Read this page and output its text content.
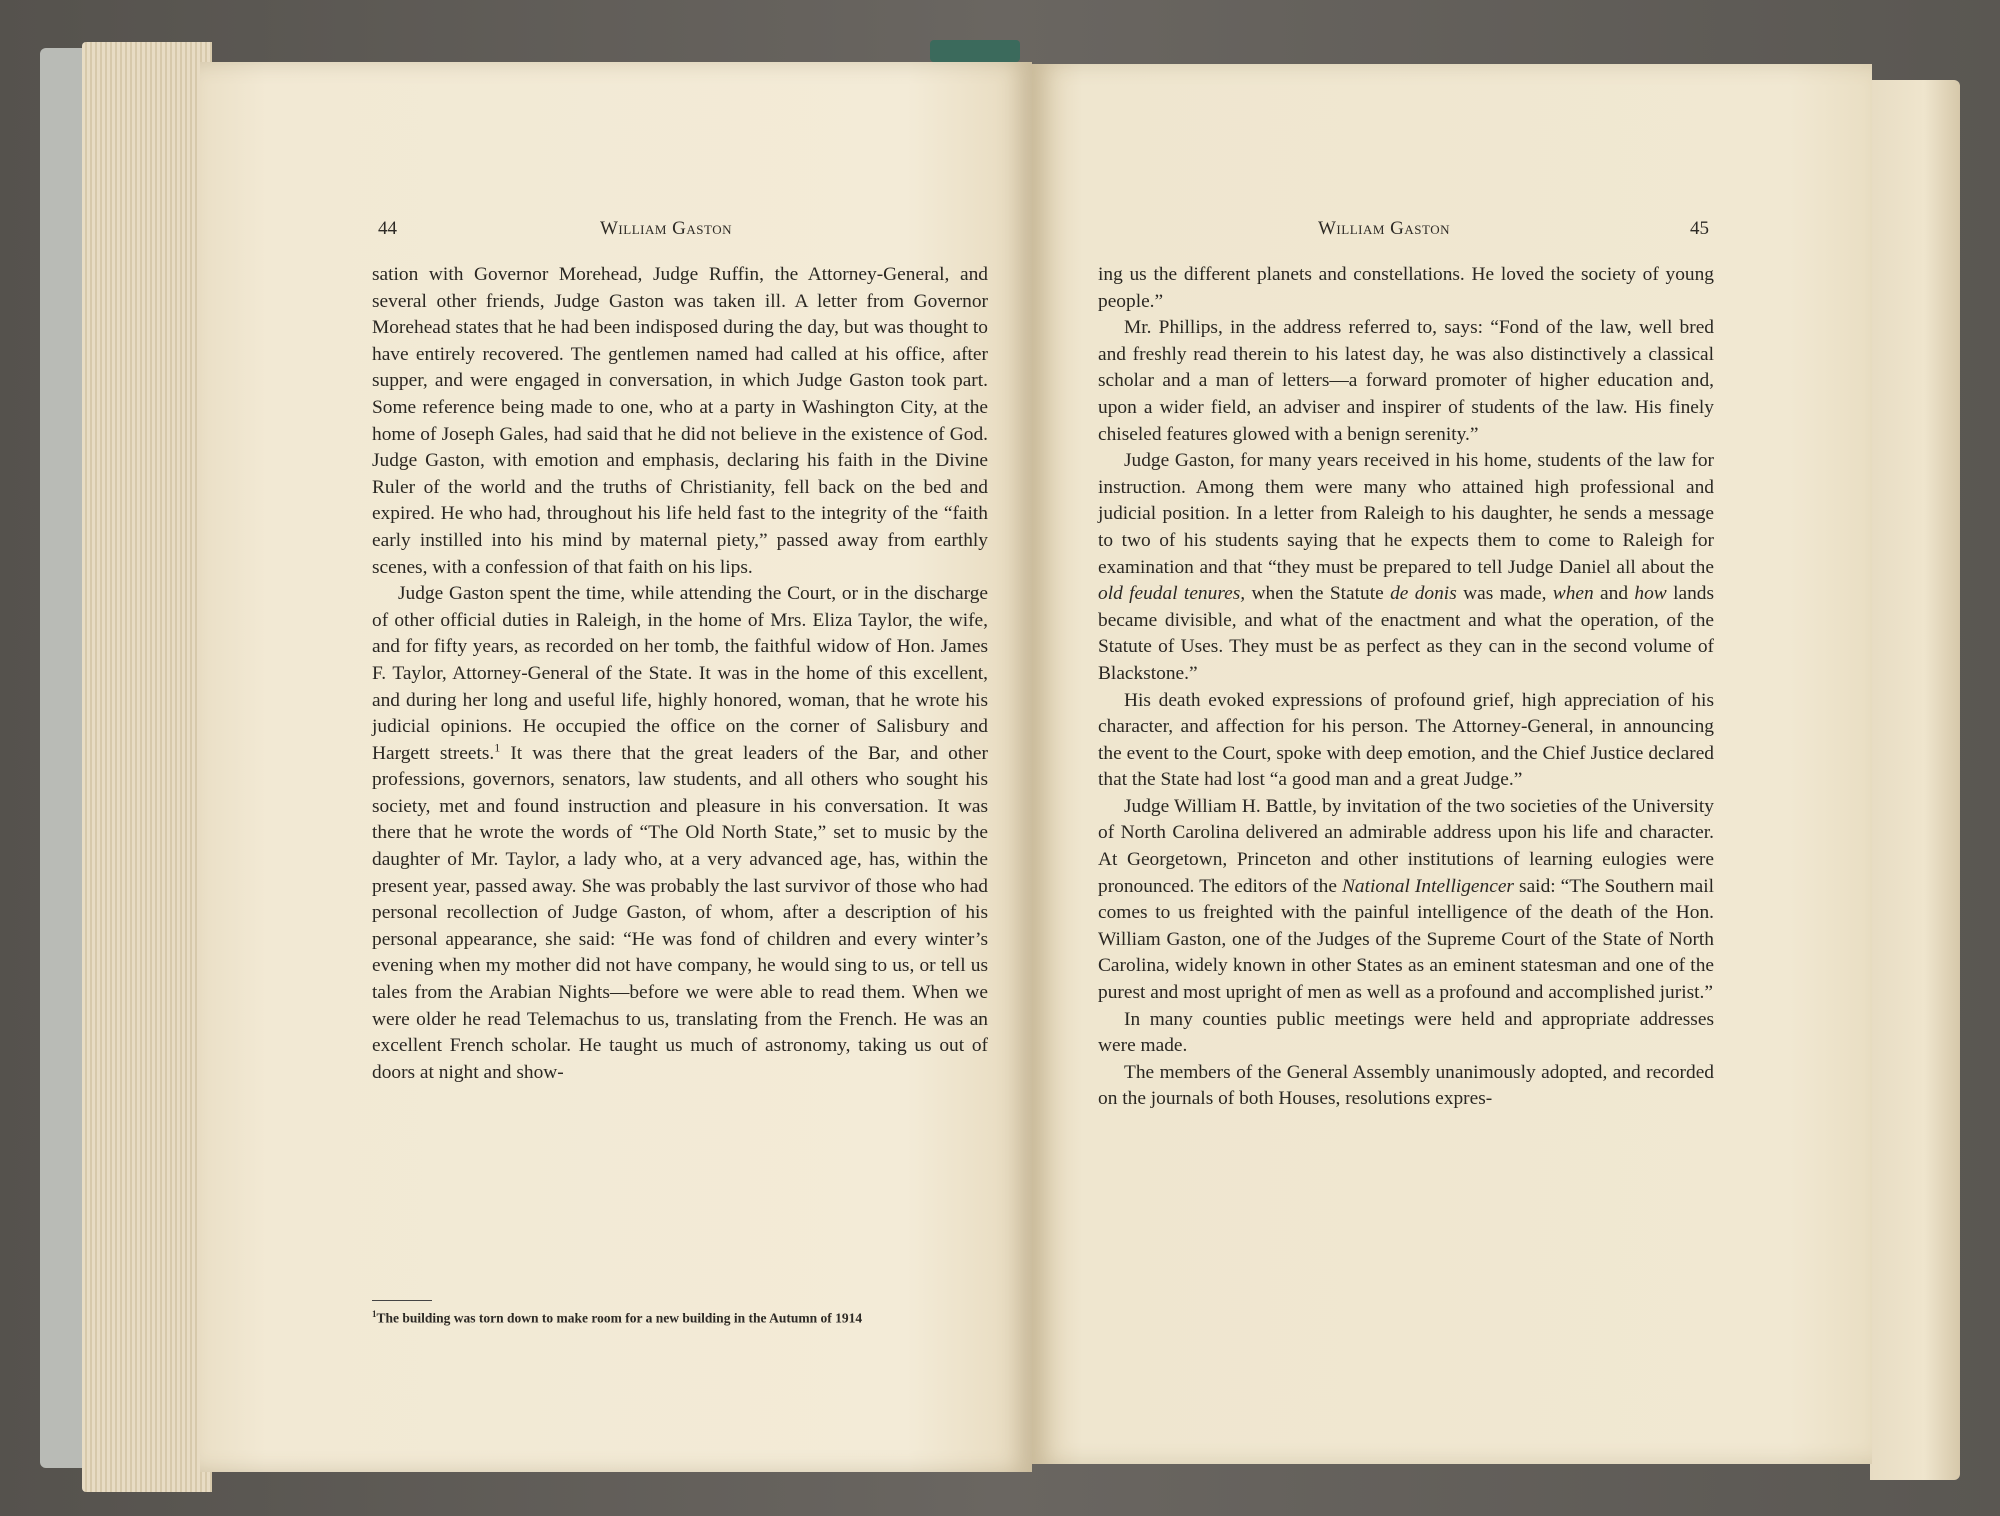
44	William Gaston

sation with Governor Morehead, Judge Ruffin, the Attorney-General, and several other friends, Judge Gaston was taken ill. A letter from Governor Morehead states that he had been indisposed during the day, but was thought to have entirely recovered. The gentlemen named had called at his office, after supper, and were engaged in conversation, in which Judge Gaston took part. Some reference being made to one, who at a party in Washington City, at the home of Joseph Gales, had said that he did not believe in the existence of God. Judge Gaston, with emotion and emphasis, declaring his faith in the Divine Ruler of the world and the truths of Christianity, fell back on the bed and expired. He who had, throughout his life held fast to the integrity of the “faith early instilled into his mind by maternal piety,” passed away from earthly scenes, with a confession of that faith on his lips.

Judge Gaston spent the time, while attending the Court, or in the discharge of other official duties in Raleigh, in the home of Mrs. Eliza Taylor, the wife, and for fifty years, as recorded on her tomb, the faithful widow of Hon. James F. Taylor, Attorney-General of the State. It was in the home of this excellent, and during her long and useful life, highly honored, woman, that he wrote his judicial opinions. He occupied the office on the corner of Salisbury and Hargett streets.$^1$ It was there that the great leaders of the Bar, and other professions, governors, senators, law students, and all others who sought his society, met and found instruction and pleasure in his conversation. It was there that he wrote the words of “The Old North State,” set to music by the daughter of Mr. Taylor, a lady who, at a very advanced age, has, within the present year, passed away. She was probably the last survivor of those who had personal recollection of Judge Gaston, of whom, after a description of his personal appearance, she said: “He was fond of children and every winter’s evening when my mother did not have company, he would sing to us, or tell us tales from the Arabian Nights—before we were able to read them. When we were older he read Telemachus to us, translating from the French. He was an excellent French scholar. He taught us much of astronomy, taking us out of doors at night and show-

$^1$The building was torn down to make room for a new building in the Autumn of 1914
William Gaston	45

ing us the different planets and constellations. He loved the society of young people.”

Mr. Phillips, in the address referred to, says: “Fond of the law, well bred and freshly read therein to his latest day, he was also distinctively a classical scholar and a man of letters—a forward promoter of higher education and, upon a wider field, an adviser and inspirer of students of the law. His finely chiseled features glowed with a benign serenity.”

Judge Gaston, for many years received in his home, students of the law for instruction. Among them were many who attained high professional and judicial position. In a letter from Raleigh to his daughter, he sends a message to two of his students saying that he expects them to come to Raleigh for examination and that “they must be prepared to tell Judge Daniel all about the old feudal tenures, when the Statute de donis was made, when and how lands became divisible, and what of the enactment and what the operation, of the Statute of Uses. They must be as perfect as they can in the second volume of Blackstone.”

His death evoked expressions of profound grief, high appreciation of his character, and affection for his person. The Attorney-General, in announcing the event to the Court, spoke with deep emotion, and the Chief Justice declared that the State had lost “a good man and a great Judge.”

Judge William H. Battle, by invitation of the two societies of the University of North Carolina delivered an admirable address upon his life and character. At Georgetown, Princeton and other institutions of learning eulogies were pronounced. The editors of the National Intelligencer said: “The Southern mail comes to us freighted with the painful intelligence of the death of the Hon. William Gaston, one of the Judges of the Supreme Court of the State of North Carolina, widely known in other States as an eminent statesman and one of the purest and most upright of men as well as a profound and accomplished jurist.”

In many counties public meetings were held and appropriate addresses were made.

The members of the General Assembly unanimously adopted, and recorded on the journals of both Houses, resolutions expres-
